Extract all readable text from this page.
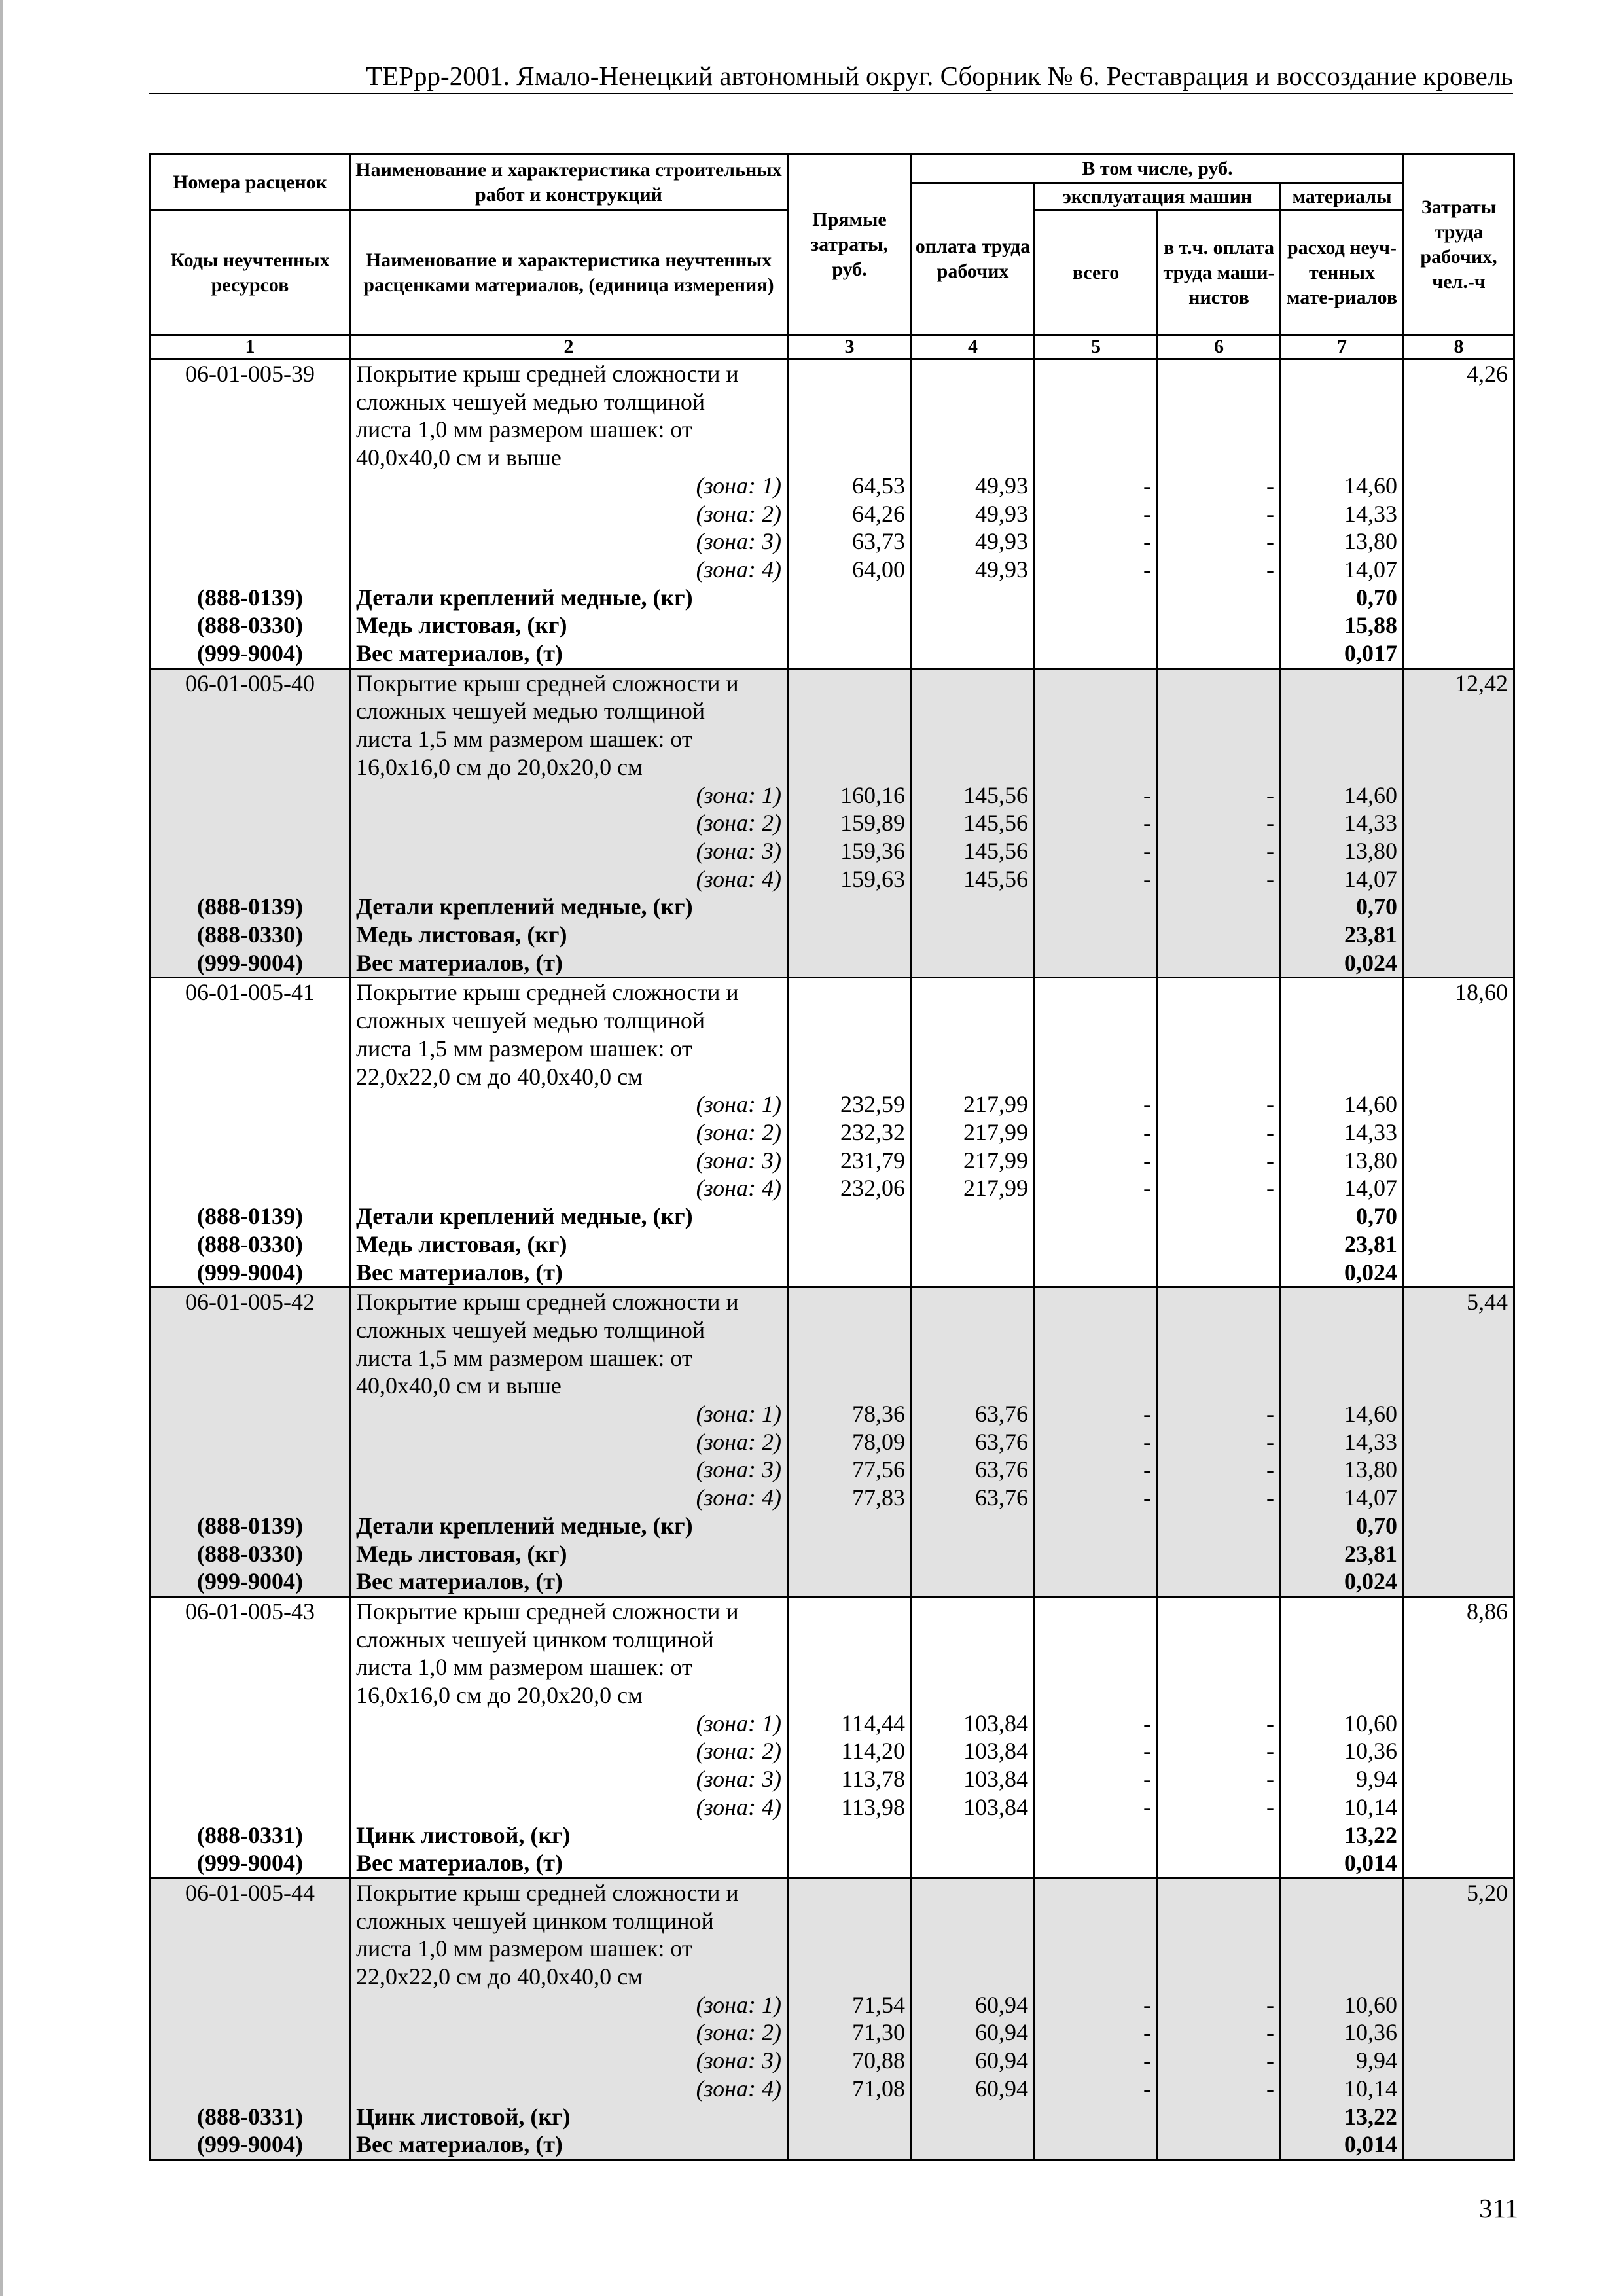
ТЕРрр-2001. Ямало-Ненецкий автономный округ. Сборник № 6. Реставрация и воссоздание кровель
Номера расценок	Наименование и характеристика строительных работ и конструкций	Прямые затраты, руб.	В том числе, руб.				Затраты труда рабочих, чел.-ч
			оплата труда рабочих	эксплуатация машин		материалы	
Коды неучтенных ресурсов	Наименование и характеристика неучтенных расценками материалов, (единица измерения)			всего	в т.ч. оплата труда маши-нистов	расход неуч-тенных мате-риалов	

1	2	3	4	5	6	7	8
06-01-005-39	Покрытие крыш средней сложности и						4,26
	сложных чешуей медью толщиной						
	листа 1,0 мм размером шашек: от						
	40,0х40,0 см и выше						
	(зона: 1)	64,53	49,93	-	-	14,60	
	(зона: 2)	64,26	49,93	-	-	14,33	
	(зона: 3)	63,73	49,93	-	-	13,80	
	(зона: 4)	64,00	49,93	-	-	14,07	
(888-0139)	Детали креплений медные, (кг)					0,70	
(888-0330)	Медь листовая, (кг)					15,88	
(999-9004)	Вес материалов, (т)					0,017	
06-01-005-40	Покрытие крыш средней сложности и						12,42
	сложных чешуей медью толщиной						
	листа 1,5 мм размером шашек: от						
	16,0х16,0 см до 20,0х20,0 см						
	(зона: 1)	160,16	145,56	-	-	14,60	
	(зона: 2)	159,89	145,56	-	-	14,33	
	(зона: 3)	159,36	145,56	-	-	13,80	
	(зона: 4)	159,63	145,56	-	-	14,07	
(888-0139)	Детали креплений медные, (кг)					0,70	
(888-0330)	Медь листовая, (кг)					23,81	
(999-9004)	Вес материалов, (т)					0,024	
06-01-005-41	Покрытие крыш средней сложности и						18,60
	сложных чешуей медью толщиной						
	листа 1,5 мм размером шашек: от						
	22,0х22,0 см до 40,0х40,0 см						
	(зона: 1)	232,59	217,99	-	-	14,60	
	(зона: 2)	232,32	217,99	-	-	14,33	
	(зона: 3)	231,79	217,99	-	-	13,80	
	(зона: 4)	232,06	217,99	-	-	14,07	
(888-0139)	Детали креплений медные, (кг)					0,70	
(888-0330)	Медь листовая, (кг)					23,81	
(999-9004)	Вес материалов, (т)					0,024	
06-01-005-42	Покрытие крыш средней сложности и						5,44
	сложных чешуей медью толщиной						
	листа 1,5 мм размером шашек: от						
	40,0х40,0 см и выше						
	(зона: 1)	78,36	63,76	-	-	14,60	
	(зона: 2)	78,09	63,76	-	-	14,33	
	(зона: 3)	77,56	63,76	-	-	13,80	
	(зона: 4)	77,83	63,76	-	-	14,07	
(888-0139)	Детали креплений медные, (кг)					0,70	
(888-0330)	Медь листовая, (кг)					23,81	
(999-9004)	Вес материалов, (т)					0,024	
06-01-005-43	Покрытие крыш средней сложности и						8,86
	сложных чешуей цинком толщиной						
	листа 1,0 мм размером шашек: от						
	16,0х16,0 см до 20,0х20,0 см						
	(зона: 1)	114,44	103,84	-	-	10,60	
	(зона: 2)	114,20	103,84	-	-	10,36	
	(зона: 3)	113,78	103,84	-	-	9,94	
	(зона: 4)	113,98	103,84	-	-	10,14	
(888-0331)	Цинк листовой, (кг)					13,22	
(999-9004)	Вес материалов, (т)					0,014	
06-01-005-44	Покрытие крыш средней сложности и						5,20
	сложных чешуей цинком толщиной						
	листа 1,0 мм размером шашек: от						
	22,0х22,0 см до 40,0х40,0 см						
	(зона: 1)	71,54	60,94	-	-	10,60	
	(зона: 2)	71,30	60,94	-	-	10,36	
	(зона: 3)	70,88	60,94	-	-	9,94	
	(зона: 4)	71,08	60,94	-	-	10,14	
(888-0331)	Цинк листовой, (кг)					13,22	
(999-9004)	Вес материалов, (т)					0,014	
311
